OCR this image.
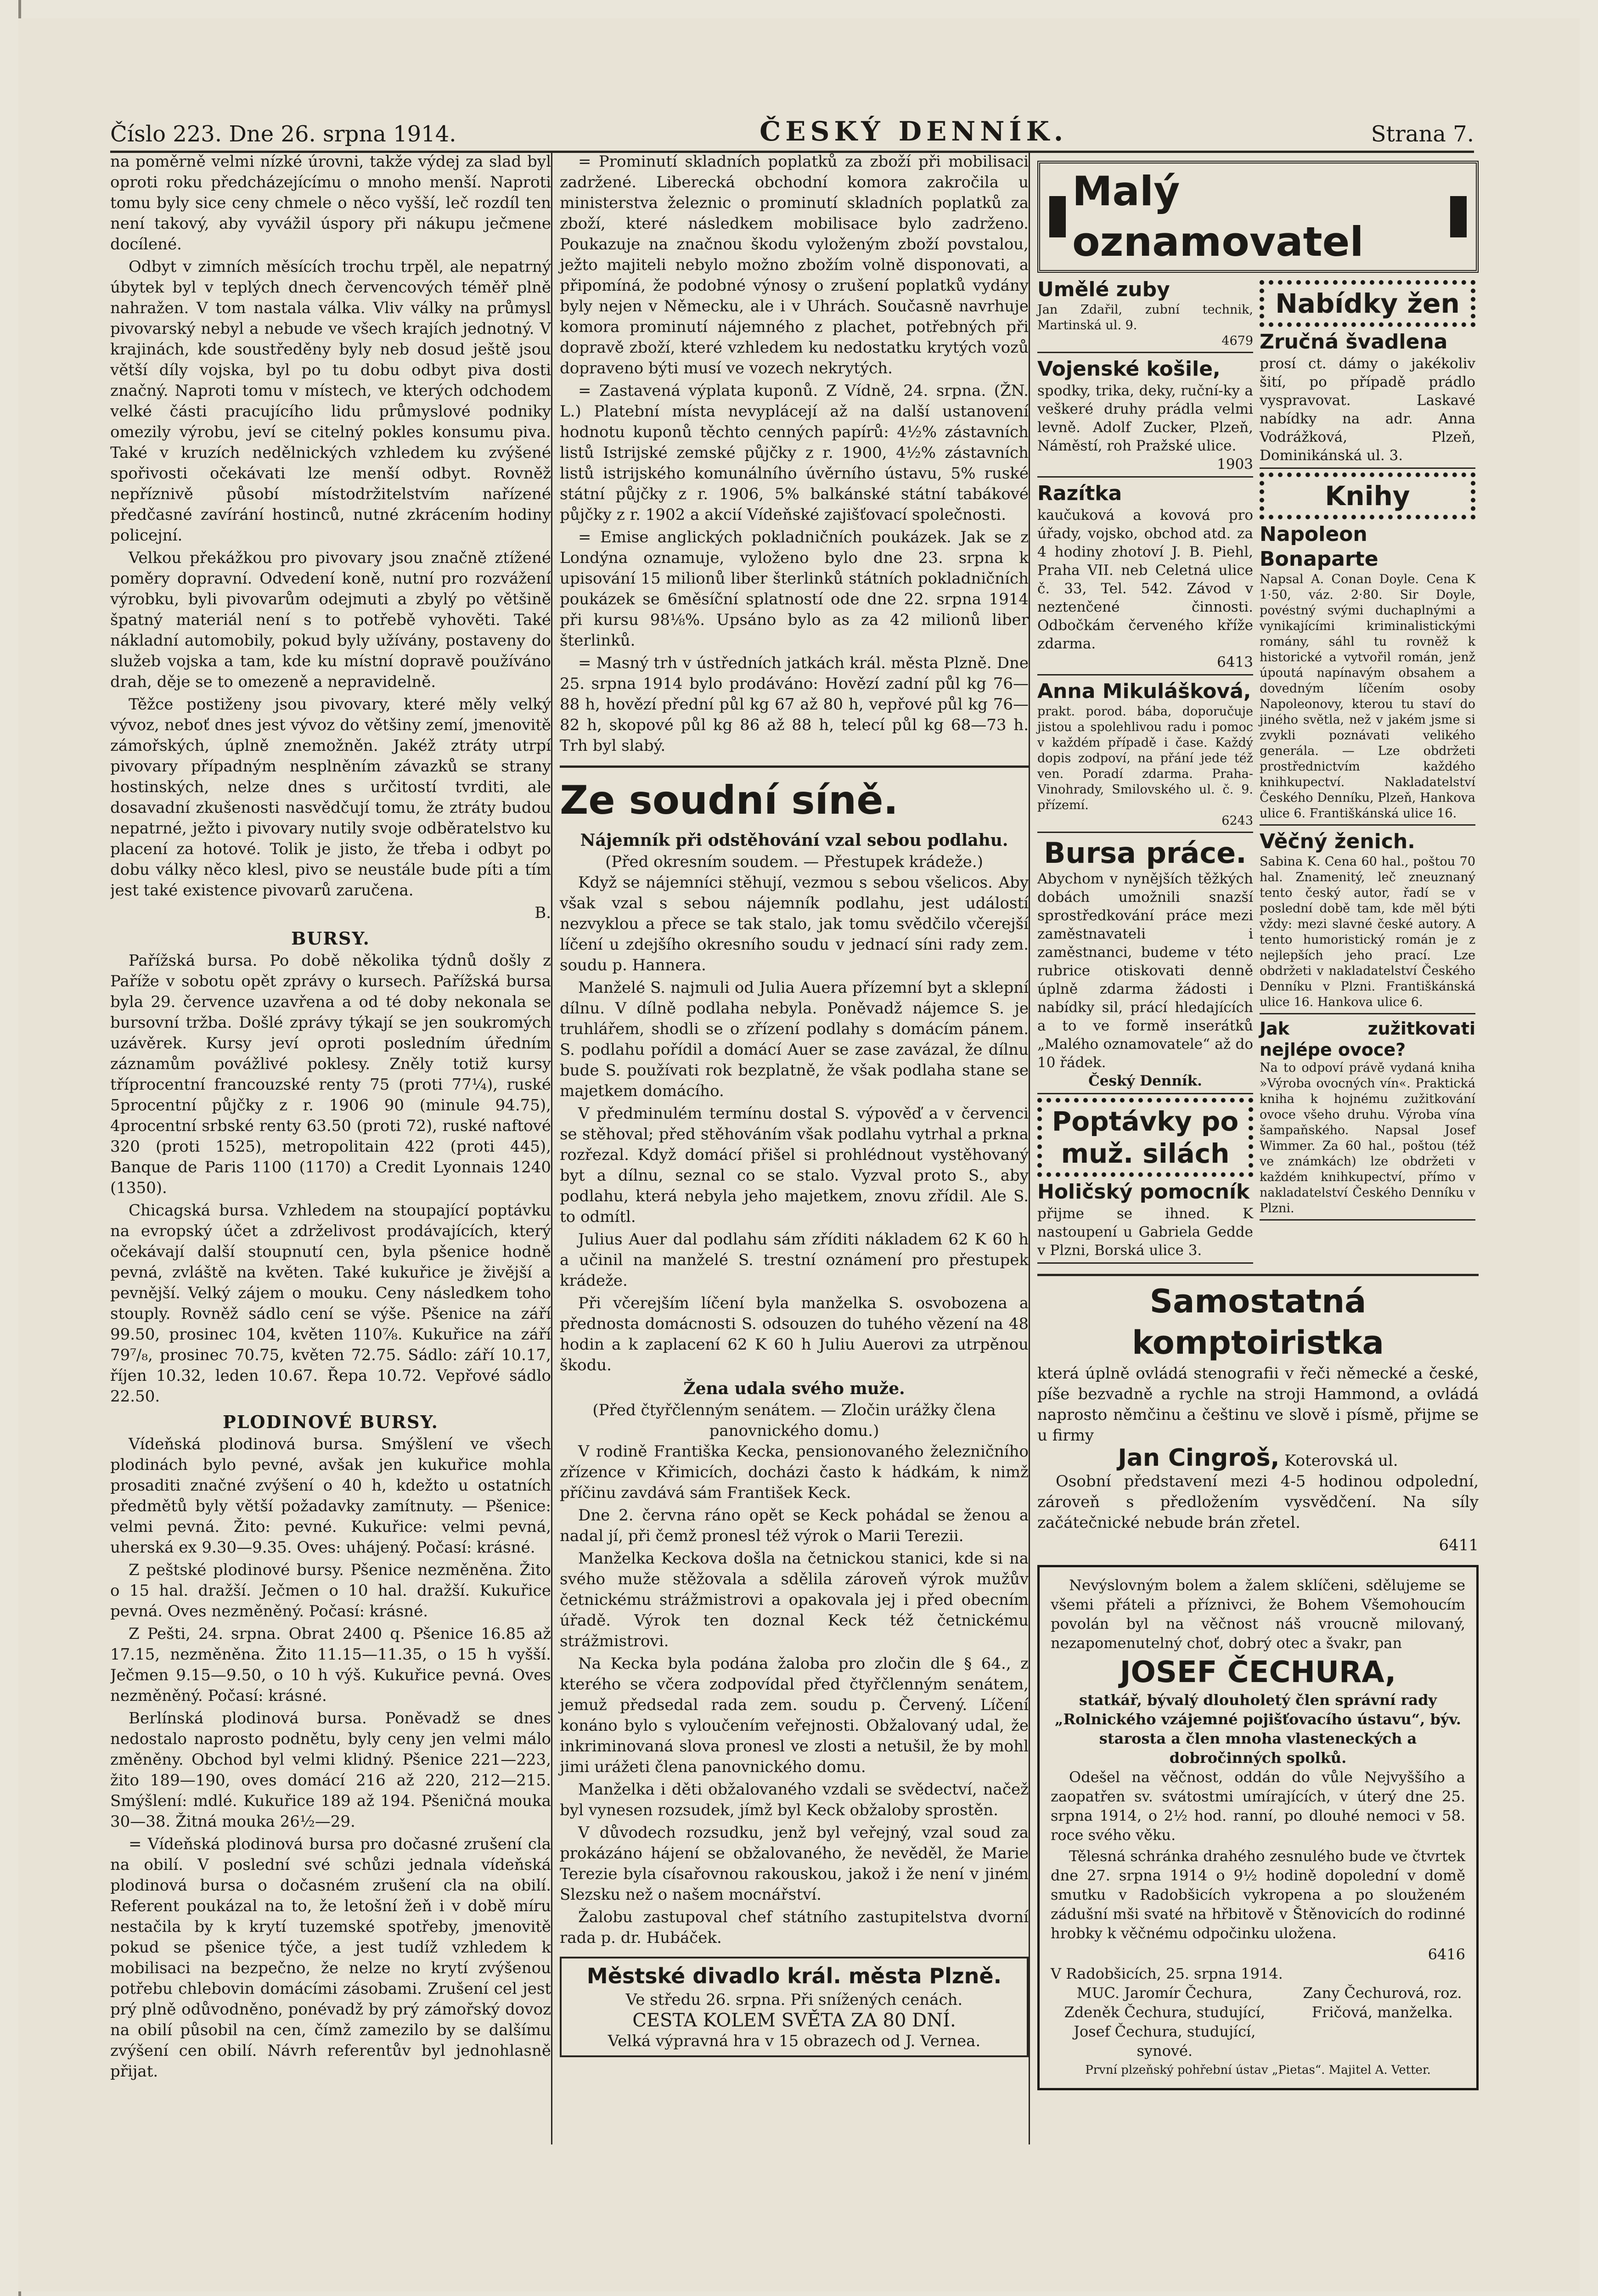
Číslo 223. Dne 26. srpna 1914.	ČESKÝ DENNÍK.	Strana 7.

na poměrně velmi nízké úrovni, takže výdej za slad byl oproti roku předcházejícímu o mnoho menší. Naproti tomu byly sice ceny chmele o něco vyšší, leč rozdíl ten není takový, aby vyvážil úspory při nákupu ječmene docílené.

Odbyt v zimních měsících trochu trpěl, ale nepatrný úbytek byl v teplých dnech červencových téměř plně nahražen. V tom nastala válka. Vliv války na průmysl pivovarský nebyl a nebude ve všech krajích jednotný. V krajinách, kde soustředěny byly neb dosud ještě jsou větší díly vojska, byl po tu dobu odbyt piva dosti značný. Naproti tomu v místech, ve kterých odchodem velké části pracujícího lidu průmyslové podniky omezily výrobu, jeví se citelný pokles konsumu piva. Také v kruzích nedělnických vzhledem ku zvýšené spořivosti očekávati lze menší odbyt. Rovněž nepříznivě působí místodržitelstvím nařízené předčasné zavírání hostinců, nutné zkrácením hodiny policejní.

Velkou překážkou pro pivovary jsou značně ztížené poměry dopravní. Odvedení koně, nutní pro rozvážení výrobku, byli pivovarům odejmuti a zbylý po většině špatný materiál není s to potřebě vyhověti. Také nákladní automobily, pokud byly užívány, postaveny do služeb vojska a tam, kde ku místní dopravě používáno drah, děje se to omezeně a nepravidelně.

Těžce postiženy jsou pivovary, které měly velký vývoz, neboť dnes jest vývoz do většiny zemí, jmenovitě zámořských, úplně znemožněn. Jakéž ztráty utrpí pivovary případným nesplněním závazků se strany hostinských, nelze dnes s určitostí tvrditi, ale dosavadní zkušenosti nasvědčují tomu, že ztráty budou nepatrné, ježto i pivovary nutily svoje odběratelstvo ku placení za hotové. Tolik je jisto, že třeba i odbyt po dobu války něco klesl, pivo se neustále bude píti a tím jest také existence pivovarů zaručena.

B.
BURSY.

Pařížská bursa. Po době několika týdnů došly z Paříže v sobotu opět zprávy o kursech. Pařížská bursa byla 29. července uzavřena a od té doby nekonala se bursovní tržba. Došlé zprávy týkají se jen soukromých uzávěrek. Kursy jeví oproti posledním úředním záznamům povážlivé poklesy. Zněly totiž kursy tříprocentní francouzské renty 75 (proti 77¼), ruské 5procentní půjčky z r. 1906 90 (minule 94.75), 4procentní srbské renty 63.50 (proti 72), ruské naftové 320 (proti 1525), metropolitain 422 (proti 445), Banque de Paris 1100 (1170) a Credit Lyonnais 1240 (1350).

Chicagská bursa. Vzhledem na stoupající poptávku na evropský účet a zdrželivost prodávajících, který očekávají další stoupnutí cen, byla pšenice hodně pevná, zvláště na květen. Také kukuřice je živější a pevnější. Velký zájem o mouku. Ceny následkem toho stouply. Rovněž sádlo cení se výše. Pšenice na září 99.50, prosinec 104, květen 110⅞. Kukuřice na září 79⁷/₈, prosinec 70.75, květen 72.75. Sádlo: září 10.17, říjen 10.32, leden 10.67. Řepa 10.72. Vepřové sádlo 22.50.

PLODINOVÉ BURSY.

Vídeňská plodinová bursa. Smýšlení ve všech plodinách bylo pevné, avšak jen kukuřice mohla prosaditi značné zvýšení o 40 h, kdežto u ostatních předmětů byly větší požadavky zamítnuty. — Pšenice: velmi pevná. Žito: pevné. Kukuřice: velmi pevná, uherská ex 9.30—9.35. Oves: uhájený. Počasí: krásné.

Z peštské plodinové bursy. Pšenice nezměněna. Žito o 15 hal. dražší. Ječmen o 10 hal. dražší. Kukuřice pevná. Oves nezměněný. Počasí: krásné.

Z Pešti, 24. srpna. Obrat 2400 q. Pšenice 16.85 až 17.15, nezměněna. Žito 11.15—11.35, o 15 h vyšší. Ječmen 9.15—9.50, o 10 h výš. Kukuřice pevná. Oves nezměněný. Počasí: krásné.

Berlínská plodinová bursa. Poněvadž se dnes nedostalo naprosto podnětu, byly ceny jen velmi málo změněny. Obchod byl velmi klidný. Pšenice 221—223, žito 189—190, oves domácí 216 až 220, 212—215. Smýšlení: mdlé. Kukuřice 189 až 194. Pšeničná mouka 30—38. Žitná mouka 26½—29.

= Vídeňská plodinová bursa pro dočasné zrušení cla na obilí. V poslední své schůzi jednala vídeňská plodinová bursa o dočasném zrušení cla na obilí. Referent poukázal na to, že letošní žeň i v době míru nestačila by k krytí tuzemské spotřeby, jmenovitě pokud se pšenice týče, a jest tudíž vzhledem k mobilisaci na bezpečno, že nelze no krytí zvýšenou potřebu chlebovin domácími zásobami. Zrušení cel jest prý plně odůvodněno, ponévadž by prý zámořský dovoz na obilí působil na cen, čímž zamezilo by se dalšímu zvýšení cen obilí. Návrh referentův byl jednohlasně přijat.

= Prominutí skladních poplatků za zboží při mobilisaci zadržené. Liberecká obchodní komora zakročila u ministerstva železnic o prominutí skladních poplatků za zboží, které následkem mobilisace bylo zadrženo. Poukazuje na značnou škodu vyloženým zboží povstalou, ježto majiteli nebylo možno zbožím volně disponovati, a připomíná, že podobné výnosy o zrušení poplatků vydány byly nejen v Německu, ale i v Uhrách. Současně navrhuje komora prominutí nájemného z plachet, potřebných při dopravě zboží, které vzhledem ku nedostatku krytých vozů dopraveno býti musí ve vozech nekrytých.

= Zastavená výplata kuponů. Z Vídně, 24. srpna. (ŽN. L.) Platební místa nevyplácejí až na další ustanovení hodnotu kuponů těchto cenných papírů: 4½% zástavních listů Istrijské zemské půjčky z r. 1900, 4½% zástavních listů istrijského komunálního úvěrního ústavu, 5% ruské státní půjčky z r. 1906, 5% balkánské státní tabákové půjčky z r. 1902 a akcií Vídeňské zajišťovací společnosti.

= Emise anglických pokladničních poukázek. Jak se z Londýna oznamuje, vyloženo bylo dne 23. srpna k upisování 15 milionů liber šterlinků státních pokladničních poukázek se 6měsíční splatností ode dne 22. srpna 1914 při kursu 98⅛%. Upsáno bylo as za 42 milionů liber šterlinků.

= Masný trh v ústředních jatkách král. města Plzně. Dne 25. srpna 1914 bylo prodáváno: Hovězí zadní půl kg 76—88 h, hovězí přední půl kg 67 až 80 h, vepřové půl kg 76—82 h, skopové půl kg 86 až 88 h, telecí půl kg 68—73 h. Trh byl slabý.

Ze soudní síně.
Nájemník při odstěhování vzal sebou podlahu.
(Před okresním soudem. — Přestupek krádeže.)

Když se nájemníci stěhují, vezmou s sebou všelicos. Aby však vzal s sebou nájemník podlahu, jest událostí nezvyklou a přece se tak stalo, jak tomu svědčilo včerejší líčení u zdejšího okresního soudu v jednací síni rady zem. soudu p. Hannera.

Manželé S. najmuli od Julia Auera přízemní byt a sklepní dílnu. V dílně podlaha nebyla. Poněvadž nájemce S. je truhlářem, shodli se o zřízení podlahy s domácím pánem. S. podlahu pořídil a domácí Auer se zase zavázal, že dílnu bude S. používati rok bezplatně, že však podlaha stane se majetkem domácího.

V předminulém termínu dostal S. výpověď a v červenci se stěhoval; před stěhováním však podlahu vytrhal a prkna rozřezal. Když domácí přišel si prohlédnout vystěhovaný byt a dílnu, seznal co se stalo. Vyzval proto S., aby podlahu, která nebyla jeho majetkem, znovu zřídil. Ale S. to odmítl.

Julius Auer dal podlahu sám zříditi nákladem 62 K 60 h a učinil na manželé S. trestní oznámení pro přestupek krádeže.

Při včerejším líčení byla manželka S. osvobozena a přednosta domácnosti S. odsouzen do tuhého vězení na 48 hodin a k zaplacení 62 K 60 h Juliu Auerovi za utrpěnou škodu.

Žena udala svého muže.
(Před čtyřčlenným senátem. — Zločin urážky člena panovnického domu.)

V rodině Františka Kecka, pensionovaného železničního zřízence v Křimicích, docházi často k hádkám, k nimž příčinu zavdává sám František Keck.

Dne 2. června ráno opět se Keck pohádal se ženou a nadal jí, při čemž pronesl též výrok o Marii Terezii.

Manželka Keckova došla na četnickou stanici, kde si na svého muže stěžovala a sdělila zároveň výrok mužův četnickému strážmistrovi a opakovala jej i před obecním úřadě. Výrok ten doznal Keck též četnickému strážmistrovi.

Na Kecka byla podána žaloba pro zločin dle § 64., z kteréhо se včera zodpovídal před čtyřčlenným senátem, jemuž předsedal rada zem. soudu p. Červený. Líčení konáno bylo s vyloučením veřejnosti. Obžalovaný udal, že inkriminovaná slova pronesl ve zlosti a netušil, že by mohl jimi urážeti člena panovnického domu.

Manželka i děti obžalovaného vzdali se svědectví, načež byl vynesen rozsudek, jímž byl Keck obžaloby sprostěn.

V důvodech rozsudku, jenž byl veřejný, vzal soud za prokázáno hájení se obžalovaného, že nevěděl, že Marie Terezie byla císařovnou rakouskou, jakož i že není v jiném Slezsku než o našem mocnářství.

Žalobu zastupoval chef státního zastupitelstva dvorní rada p. dr. Hubáček.

Městské divadlo král. města Plzně.
Ve středu 26. srpna. Při snížených cenách.
CESTA KOLEM SVĚTA ZA 80 DNÍ.
Velká výpravná hra v 15 obrazech od J. Vernea.
Malý oznamovatel
Umělé zuby
Jan Zdařil, zubní technik, Martinská ul. 9.
4679
Vojenské košile,
spodky, trika, deky, ruční-ky a veškeré druhy prádla velmi levně. Adolf Zucker, Plzeň, Náměstí, roh Pražské ulice.
1903
Razítka
kaučuková a kovová pro úřady, vojsko, obchod atd. za 4 hodiny zhotoví J. B. Piehl, Praha VII. neb Celetná ulice č. 33, Tel. 542. Závod v neztenčené činnosti. Odbočkám červeného kříže zdarma.
6413
Anna Mikulášková,
prakt. porod. bába, doporučuje jistou a spolehlivou radu i pomoc v každém případě i čase. Každý dopis zodpoví, na přání jede též ven. Poradí zdarma. Praha-Vinohrady, Smilovského ul. č. 9. přízemí.
6243
Bursa práce.
Abychom v nynějších těžkých dobách umožnili snazší sprostředkování práce mezi zaměstnavateli i zaměstnanci, budeme v této rubrice otiskovati denně úplně zdarma žádosti i nabídky sil, prácí hledajících a to ve formě inserátků „Malého oznamovatele“ až do 10 řádek.
Český Denník.
Poptávky po muž. silách
Holičský pomocník
přijme se ihned. K nastoupení u Gabriela Gedde v Plzni, Borská ulice 3.
Nabídky žen
Zručná švadlena
prosí ct. dámy o jakékoliv šití, po případě prádlo vyspravovat. Laskavé nabídky na adr. Anna Vodrážková, Plzeň, Dominikánská ul. 3.
Knihy
Napoleon Bonaparte
Napsal A. Conan Doyle. Cena K 1·50, váz. 2·80. Sir Doyle, povéstný svými duchaplnými a vynikajícími kriminalistickými romány, sáhl tu rovněž k historické a vytvořil román, jenž úpoutá napínavým obsahem a dovedným líčením osoby Napoleonovy, kterou tu staví do jiného světla, než v jakém jsme si zvykli poznávati velikého generála. — Lze obdržeti prostřednictvím každého knihkupectví. Nakladatelství Českého Denníku, Plzeň, Hankova ulice 6. Františkánská ulice 16.
Věčný ženich.
Sabina K. Cena 60 hal., poštou 70 hal. Znamenitý, leč zneuznaný tento český autor, řadí se v poslední době tam, kde měl býti vždy: mezi slavné české autory. A tento humoristický román je z nejlepších jeho prací. Lze obdržeti v nakladatelství Českého Denníku v Plzni. Františkánská ulice 16. Hankova ulice 6.
Jak zužitkovati nejlépe ovoce?
Na to odpoví právě vydaná kniha »Výroba ovocných vín«. Praktická kniha k hojnému zužitkování ovoce všeho druhu. Výroba vína šampaňského. Napsal Josef Wimmer. Za 60 hal., poštou (též ve známkách) lze obdržeti v každém knihkupectví, přímo v nakladatelství Českého Denníku v Plzni.
Samostatná komptoiristka

která úplně ovládá stenografii v řeči německé a české, píše bezvadně a rychle na stroji Hammond, a ovládá naprosto němčinu a češtinu ve slově i písmě, přijme se u firmy

Jan Cingroš, Koterovská ul.

Osobní představení mezi 4-5 hodinou odpolední, zároveň s předložením vysvědčení. Na síly začátečnické nebude brán zřetel.

6411

Nevýslovným bolem a žalem sklíčeni, sdělujeme se všemi přáteli a příznivci, že Bohem Všemohoucím povolán byl na věčnost náš vroucně milovaný, nezapomenutelný choť, dobrý otec a švakr, pan

JOSEF ČECHURA,
statkář, bývalý dlouholetý člen správní rady „Rolnického vzájemné pojišťovacího ústavu“, býv. starosta a člen mnoha vlasteneckých a dobročinných spolků.

Odešel na věčnost, oddán do vůle Nejvyššího a zaopatřen sv. svátostmi umírajících, v úterý dne 25. srpna 1914, o 2½ hod. ranní, po dlouhé nemoci v 58. roce svého věku.

Tělesná schránka drahého zesnulého bude ve čtvrtek dne 27. srpna 1914 o 9½ hodině dopolední v domě smutku v Radobšicích vykropena a po slouženém zádušní mši svaté na hřbitově v Štěnovicích do rodinné hrobky k věčnému odpočinku uložena.

6416
V Radobšicích, 25. srpna 1914.
MUC. Jaromír Čechura, Zdeněk Čechura, studující, Josef Čechura, studující, synové.
Zany Čechurová, roz. Fričová, manželka.
První plzeňský pohřební ústav „Pietas“. Majitel A. Vetter.
